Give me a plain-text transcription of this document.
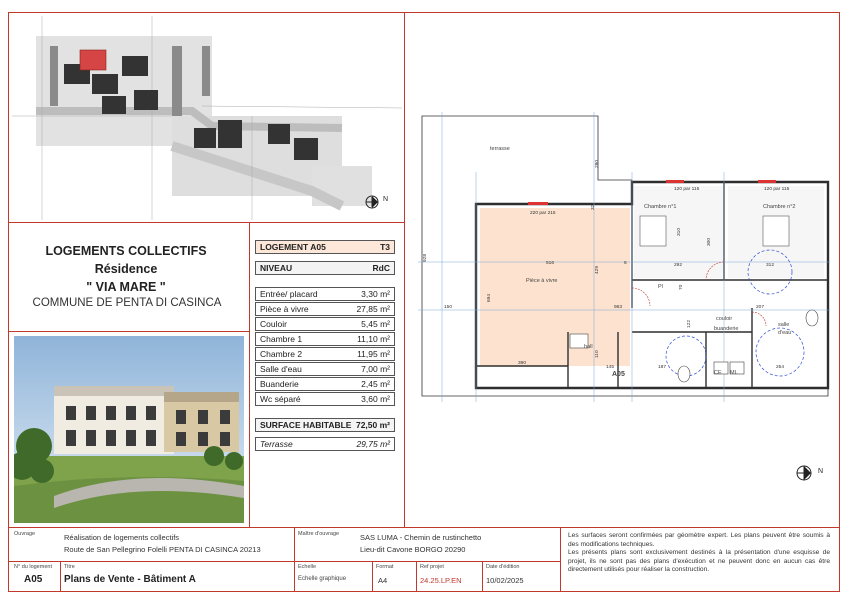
N
LOGEMENTS COLLECTIFS
Résidence
" VIA MARE "
COMMUNE DE PENTA DI CASINCA
LOGEMENT A05	T3
NIVEAU	RdC
Entrée/ placard	3,30 m²
Pièce à vivre	27,85 m²
Couloir	5,45 m²
Chambre 1	11,10 m²
Chambre 2	11,95 m²
Salle d'eau	7,00 m²
Buanderie	2,45 m²
Wc séparé	3,60 m²
SURFACE HABITABLE 72,50 m²
Terrasse	29,75 m²
terrasse
Pièce à vivre
Chambre n°1	Chambre n°2
couloir
buanderie
salle
d'eau
hall
A05
Pl
CE ML
928
150
694
516
429
963
280
310
300
292	312
122
207
254
390
145	187
110
70
6
32
220 par 215
120 par 115	120 par 115
N
Ouvrage	Réalisation de logements collectifs
Route de San Pellegrino Folelli PENTA DI CASINCA 20213
Maître d'ouvrage	SAS LUMA - Chemin de rustinchetto
Lieu-dit Cavone BORGO 20290
N° du logement
A05
Titre
Plans de Vente - Bâtiment A
Echelle
Echelle graphique
Format
A4
Ref projet
24.25.LP.EN
Date d'édition
10/02/2025
Les surfaces seront confirmées par géomètre expert. Les plans peuvent être soumis à des modifications techniques.
Les présents plans sont exclusivement destinés à la présentation d'une esquisse de projet, ils ne sont pas des plans d'exécution et ne peuvent donc en aucun cas être directement utilisés pour réaliser la construction.
